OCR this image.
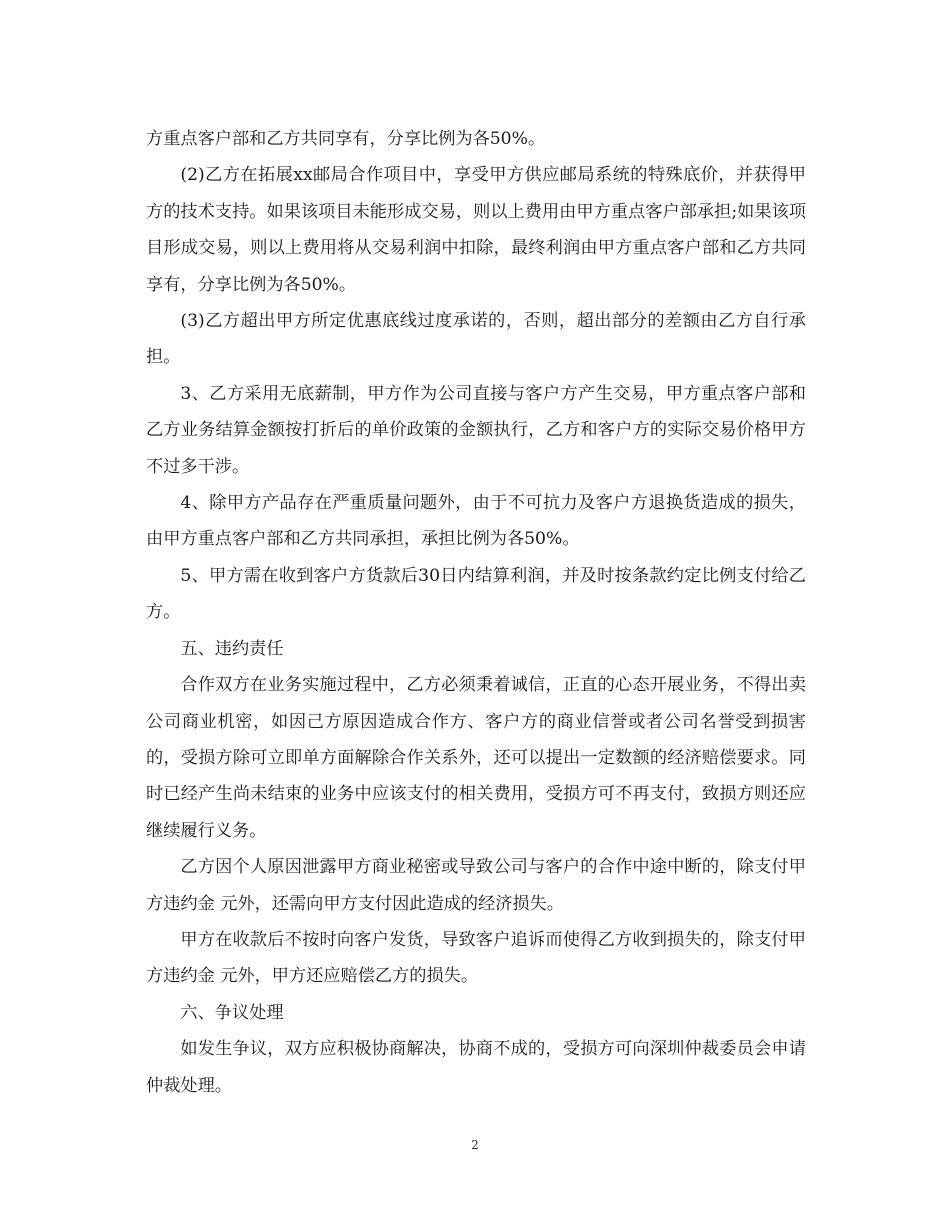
方重点客户部和乙方共同享有，分享比例为各50%。

(2)乙方在拓展xx邮局合作项目中，享受甲方供应邮局系统的特殊底价，并获得甲方的技术支持。如果该项目未能形成交易，则以上费用由甲方重点客户部承担;如果该项目形成交易，则以上费用将从交易利润中扣除，最终利润由甲方重点客户部和乙方共同享有，分享比例为各50%。

(3)乙方超出甲方所定优惠底线过度承诺的，否则，超出部分的差额由乙方自行承担。

3、乙方采用无底薪制，甲方作为公司直接与客户方产生交易，甲方重点客户部和乙方业务结算金额按打折后的单价政策的金额执行，乙方和客户方的实际交易价格甲方不过多干涉。

4、除甲方产品存在严重质量问题外，由于不可抗力及客户方退换货造成的损失，由甲方重点客户部和乙方共同承担，承担比例为各50%。

5、甲方需在收到客户方货款后30日内结算利润，并及时按条款约定比例支付给乙方。

五、违约责任

合作双方在业务实施过程中，乙方必须秉着诚信，正直的心态开展业务，不得出卖公司商业机密，如因己方原因造成合作方、客户方的商业信誉或者公司名誉受到损害的，受损方除可立即单方面解除合作关系外，还可以提出一定数额的经济赔偿要求。同时已经产生尚未结束的业务中应该支付的相关费用，受损方可不再支付，致损方则还应继续履行义务。

乙方因个人原因泄露甲方商业秘密或导致公司与客户的合作中途中断的，除支付甲方违约金 元外，还需向甲方支付因此造成的经济损失。

甲方在收款后不按时向客户发货，导致客户追诉而使得乙方收到损失的，除支付甲方违约金 元外，甲方还应赔偿乙方的损失。

六、争议处理

如发生争议，双方应积极协商解决，协商不成的，受损方可向深圳仲裁委员会申请仲裁处理。

2
